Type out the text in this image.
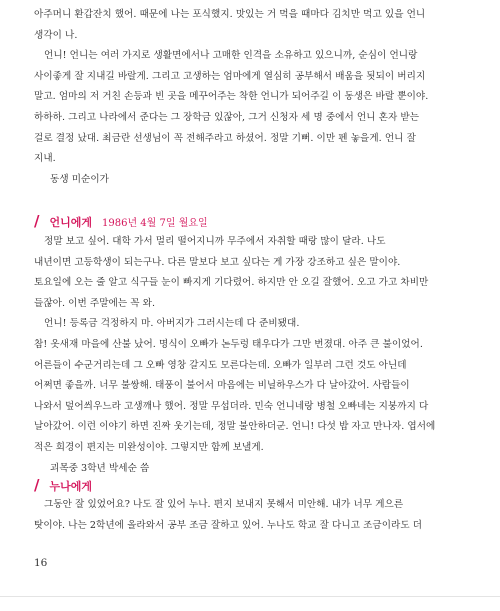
아주머니 환갑잔치 했어. 때문에 나는 포식했지. 맛있는 거 먹을 때마다 김치만 먹고 있을 언니

생각이 나.

언니! 언니는 여러 가지로 생활면에서나 고매한 인격을 소유하고 있으니까, 순심이 언니랑

사이좋게 잘 지내길 바랄게. 그리고 고생하는 엄마에게 열심히 공부해서 배움을 됫되이 버리지

말고. 엄마의 저 거친 손등과 빈 곳을 메꾸어주는 착한 언니가 되어주길 이 동생은 바랄 뿐이야.

하하하. 그리고 나라에서 준다는 그 장학금 있잖아, 그거 신청자 세 명 중에서 언니 혼자 받는

걸로 결정 났대. 최금란 선생님이 꼭 전해주라고 하셨어. 정말 기뻐. 이만 펜 놓을게. 언니 잘

지내.

동생 미순이가

/ 언니에게 1986년 4월 7일 월요일

정말 보고 싶어. 대학 가서 멀리 떨어지니까 무주에서 자취할 때랑 많이 달라. 나도

내년이면 고등학생이 되는구나. 다른 말보다 보고 싶다는 게 가장 강조하고 싶은 말이야.

토요일에 오는 줄 알고 식구들 눈이 빠지게 기다렸어. 하지만 안 오길 잘했어. 오고 가고 차비만

들잖아. 이번 주말에는 꼭 와.

언니! 등록금 걱정하지 마. 아버지가 그러시는데 다 준비됐대.

참! 옷새재 마을에 산불 났어. 명식이 오빠가 논두렁 태우다가 그만 번졌대. 아주 큰 불이었어.

어른들이 수군거리는데 그 오빠 영창 갈지도 모른다는데. 오빠가 일부러 그런 것도 아닌데

어쩌면 좋을까. 너무 불쌍해. 태풍이 불어서 마음에는 비닐하우스가 다 날아갔어. 사람들이

나와서 덮어씌우느라 고생깨나 했어. 정말 무섭더라. 민숙 언니네랑 병철 오빠네는 지붕까지 다

날아갔어. 이런 이야기 하면 진짜 웃기는데, 정말 불안하더군. 언니! 다섯 밥 자고 만나자. 엽서에

적은 희경이 편지는 미완성이야. 그렇지만 함께 보낼게.

괴목중 3학년 박세순 씀

/ 누나에게

그동안 잘 있었어요? 나도 잘 있어 누나. 편지 보내지 못해서 미안해. 내가 너무 게으른

탓이야. 나는 2학년에 올라와서 공부 조금 잘하고 있어. 누나도 학교 잘 다니고 조금이라도 더

16
